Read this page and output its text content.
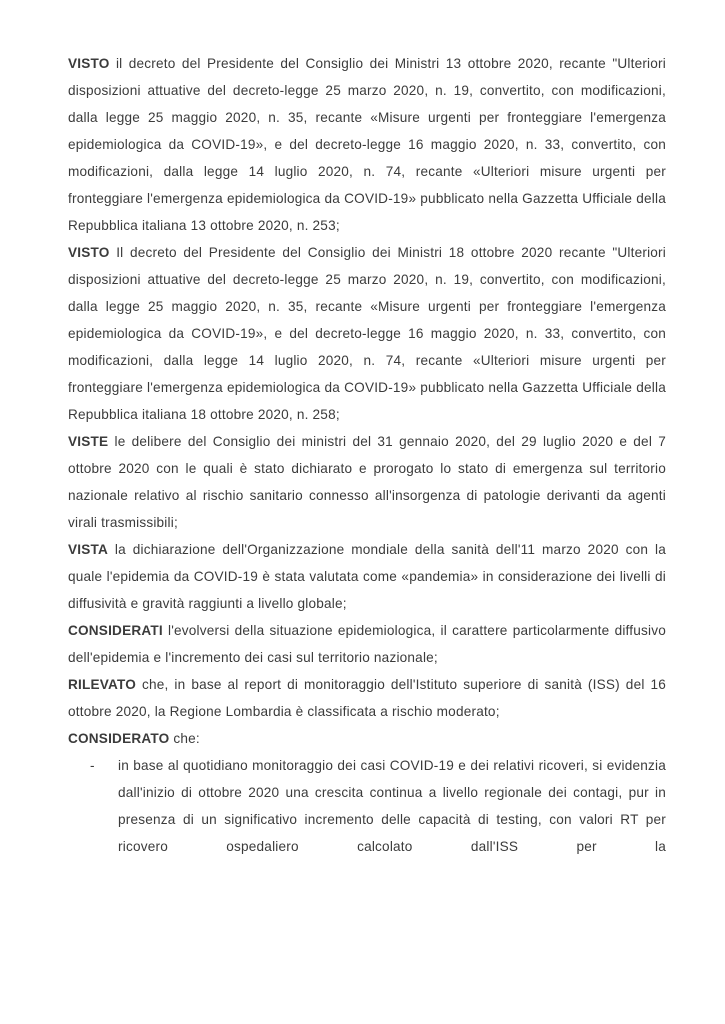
VISTO il decreto del Presidente del Consiglio dei Ministri 13 ottobre 2020, recante "Ulteriori disposizioni attuative del decreto-legge 25 marzo 2020, n. 19, convertito, con modificazioni, dalla legge 25 maggio 2020, n. 35, recante «Misure urgenti per fronteggiare l'emergenza epidemiologica da COVID-19», e del decreto-legge 16 maggio 2020, n. 33, convertito, con modificazioni, dalla legge 14 luglio 2020, n. 74, recante «Ulteriori misure urgenti per fronteggiare l'emergenza epidemiologica da COVID-19» pubblicato nella Gazzetta Ufficiale della Repubblica italiana 13 ottobre 2020, n. 253;

VISTO Il decreto del Presidente del Consiglio dei Ministri 18 ottobre 2020 recante "Ulteriori disposizioni attuative del decreto-legge 25 marzo 2020, n. 19, convertito, con modificazioni, dalla legge 25 maggio 2020, n. 35, recante «Misure urgenti per fronteggiare l'emergenza epidemiologica da COVID-19», e del decreto-legge 16 maggio 2020, n. 33, convertito, con modificazioni, dalla legge 14 luglio 2020, n. 74, recante «Ulteriori misure urgenti per fronteggiare l'emergenza epidemiologica da COVID-19» pubblicato nella Gazzetta Ufficiale della Repubblica italiana 18 ottobre 2020, n. 258;

VISTE le delibere del Consiglio dei ministri del 31 gennaio 2020, del 29 luglio 2020 e del 7 ottobre 2020 con le quali è stato dichiarato e prorogato lo stato di emergenza sul territorio nazionale relativo al rischio sanitario connesso all'insorgenza di patologie derivanti da agenti virali trasmissibili;

VISTA la dichiarazione dell'Organizzazione mondiale della sanità dell'11 marzo 2020 con la quale l'epidemia da COVID-19 è stata valutata come «pandemia» in considerazione dei livelli di diffusività e gravità raggiunti a livello globale;

CONSIDERATI l'evolversi della situazione epidemiologica, il carattere particolarmente diffusivo dell'epidemia e l'incremento dei casi sul territorio nazionale;

RILEVATO che, in base al report di monitoraggio dell'Istituto superiore di sanità (ISS) del 16 ottobre 2020, la Regione Lombardia è classificata a rischio moderato;

CONSIDERATO che:

-	in base al quotidiano monitoraggio dei casi COVID-19 e dei relativi ricoveri, si evidenzia dall'inizio di ottobre 2020 una crescita continua a livello regionale dei contagi, pur in presenza di un significativo incremento delle capacità di testing, con valori RT per ricovero ospedaliero calcolato dall'ISS per la
